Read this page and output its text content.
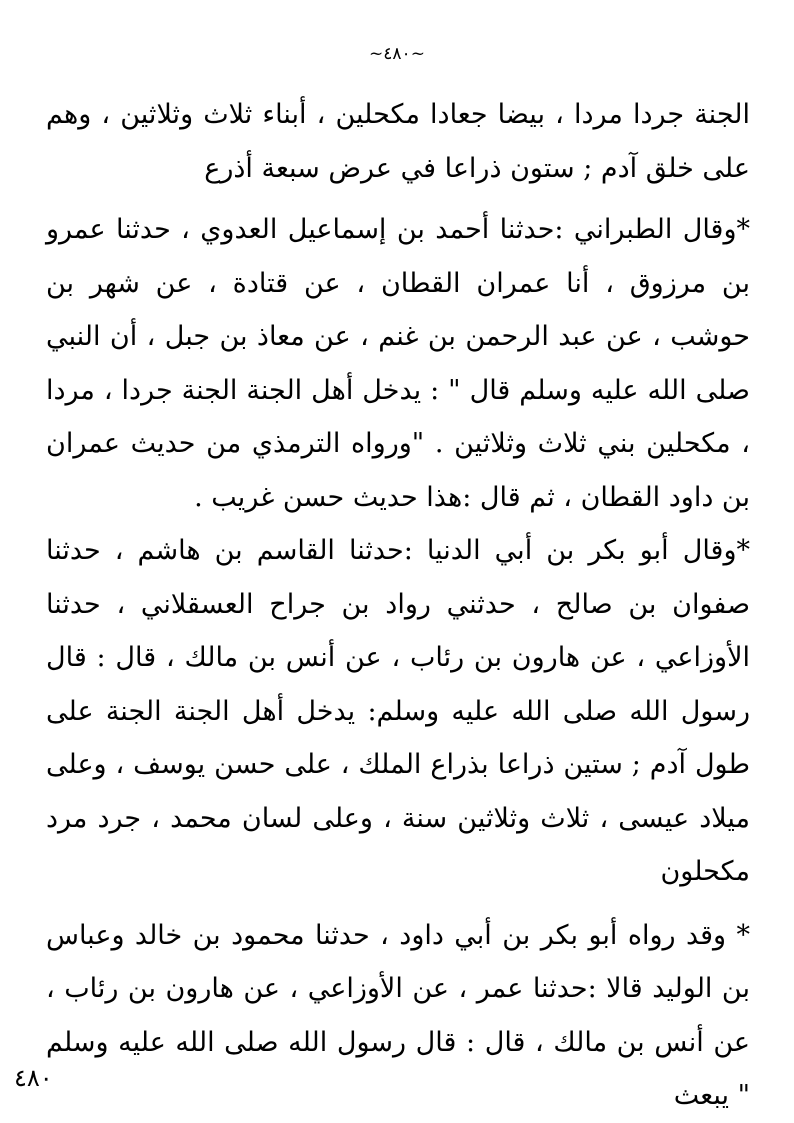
~٤٨٠~

الجنة جردا مردا ، بيضا جعادا مكحلين ، أبناء ثلاث وثلاثين ، وهم على خلق آدم ; ستون ذراعا في عرض سبعة أذرع

*وقال الطبراني :حدثنا أحمد بن إسماعيل العدوي ، حدثنا عمرو بن مرزوق ، أنا عمران القطان ، عن قتادة ، عن شهر بن حوشب ، عن عبد الرحمن بن غنم ، عن معاذ بن جبل ، أن النبي صلى الله عليه وسلم قال " : يدخل أهل الجنة الجنة جردا ، مردا ، مكحلين بني ثلاث وثلاثين . "ورواه الترمذي من حديث عمران بن داود القطان ، ثم قال :هذا حديث حسن غريب .

*وقال أبو بكر بن أبي الدنيا :حدثنا القاسم بن هاشم ، حدثنا صفوان بن صالح ، حدثني رواد بن جراح العسقلاني ، حدثنا الأوزاعي ، عن هارون بن رئاب ، عن أنس بن مالك ، قال : قال رسول الله صلى الله عليه وسلم: يدخل أهل الجنة الجنة على طول آدم ; ستين ذراعا بذراع الملك ، على حسن يوسف ، وعلى ميلاد عيسى ، ثلاث وثلاثين سنة ، وعلى لسان محمد ، جرد مرد مكحلون

* وقد رواه أبو بكر بن أبي داود ، حدثنا محمود بن خالد وعباس بن الوليد قالا :حدثنا عمر ، عن الأوزاعي ، عن هارون بن رئاب ، عن أنس بن مالك ، قال : قال رسول الله صلى الله عليه وسلم " يبعث

٤٨٠
